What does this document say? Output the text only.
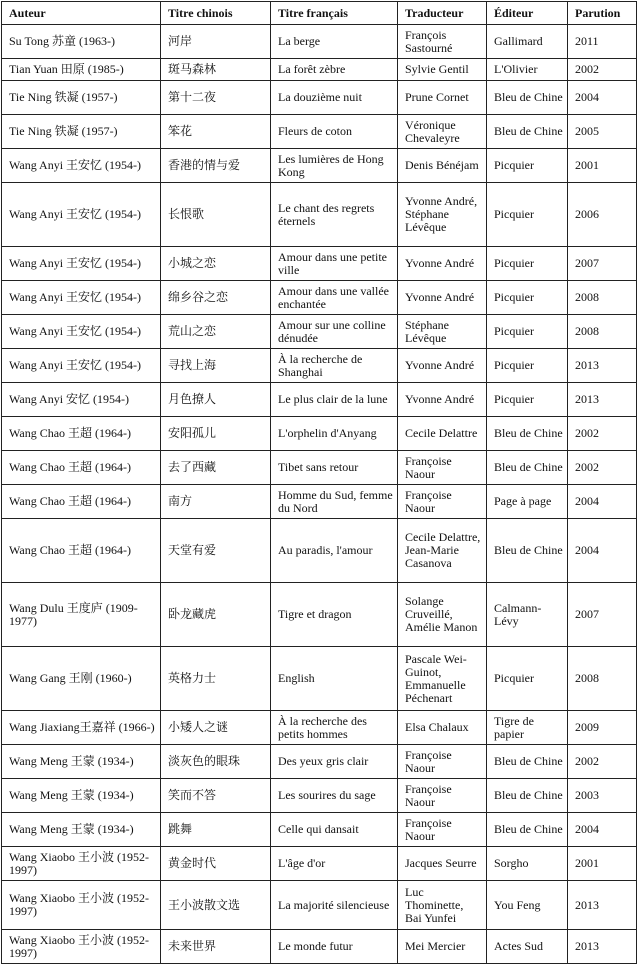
Auteur	Titre chinois	Titre français	Traducteur	Éditeur	Parution
Su Tong 苏童 (1963-)	河岸	La berge	François Sastourné	Gallimard	2011
Tian Yuan 田原 (1985-)	斑马森林	La forêt zèbre	Sylvie Gentil	L'Olivier	2002
Tie Ning 铁凝 (1957-)	第十二夜	La douzième nuit	Prune Cornet	Bleu de Chine	2004
Tie Ning 铁凝 (1957-)	笨花	Fleurs de coton	Véronique Chevaleyre	Bleu de Chine	2005
Wang Anyi 王安忆 (1954-)	香港的情与爱	Les lumières de Hong Kong	Denis Bénéjam	Picquier	2001
Wang Anyi 王安忆 (1954-)	长恨歌	Le chant des regrets éternels	Yvonne André, Stéphane Lévêque	Picquier	2006
Wang Anyi 王安忆 (1954-)	小城之恋	Amour dans une petite ville	Yvonne André	Picquier	2007
Wang Anyi 王安忆 (1954-)	绵乡谷之恋	Amour dans une vallée enchantée	Yvonne André	Picquier	2008
Wang Anyi 王安忆 (1954-)	荒山之恋	Amour sur une colline dénudée	Stéphane Lévêque	Picquier	2008
Wang Anyi 王安忆 (1954-)	寻找上海	À la recherche de Shanghai	Yvonne André	Picquier	2013
Wang Anyi 安忆 (1954-)	月色撩人	Le plus clair de la lune	Yvonne André	Picquier	2013
Wang Chao 王超 (1964-)	安阳孤儿	L'orphelin d'Anyang	Cecile Delattre	Bleu de Chine	2002
Wang Chao 王超 (1964-)	去了西藏	Tibet sans retour	Françoise Naour	Bleu de Chine	2002
Wang Chao 王超 (1964-)	南方	Homme du Sud, femme du Nord	Françoise Naour	Page à page	2004
Wang Chao 王超 (1964-)	天堂有爱	Au paradis, l'amour	Cecile Delattre, Jean-Marie Casanova	Bleu de Chine	2004
Wang Dulu 王度庐 (1909-1977)	卧龙藏虎	Tigre et dragon	Solange Cruveillé, Amélie Manon	Calmann-Lévy	2007
Wang Gang 王刚 (1960-)	英格力士	English	Pascale Wei-Guinot, Emmanuelle Péchenart	Picquier	2008
Wang Jiaxiang王嘉祥 (1966-)	小矮人之谜	À la recherche des petits hommes	Elsa Chalaux	Tigre de papier	2009
Wang Meng 王蒙 (1934-)	淡灰色的眼珠	Des yeux gris clair	Françoise Naour	Bleu de Chine	2002
Wang Meng 王蒙 (1934-)	笑而不答	Les sourires du sage	Françoise Naour	Bleu de Chine	2003
Wang Meng 王蒙 (1934-)	跳舞	Celle qui dansait	Françoise Naour	Bleu de Chine	2004
Wang Xiaobo 王小波 (1952-1997)	黄金时代	L'âge d'or	Jacques Seurre	Sorgho	2001
Wang Xiaobo 王小波 (1952-1997)	王小波散文选	La majorité silencieuse	Luc Thominette, Bai Yunfei	You Feng	2013
Wang Xiaobo 王小波 (1952-1997)	未来世界	Le monde futur	Mei Mercier	Actes Sud	2013
